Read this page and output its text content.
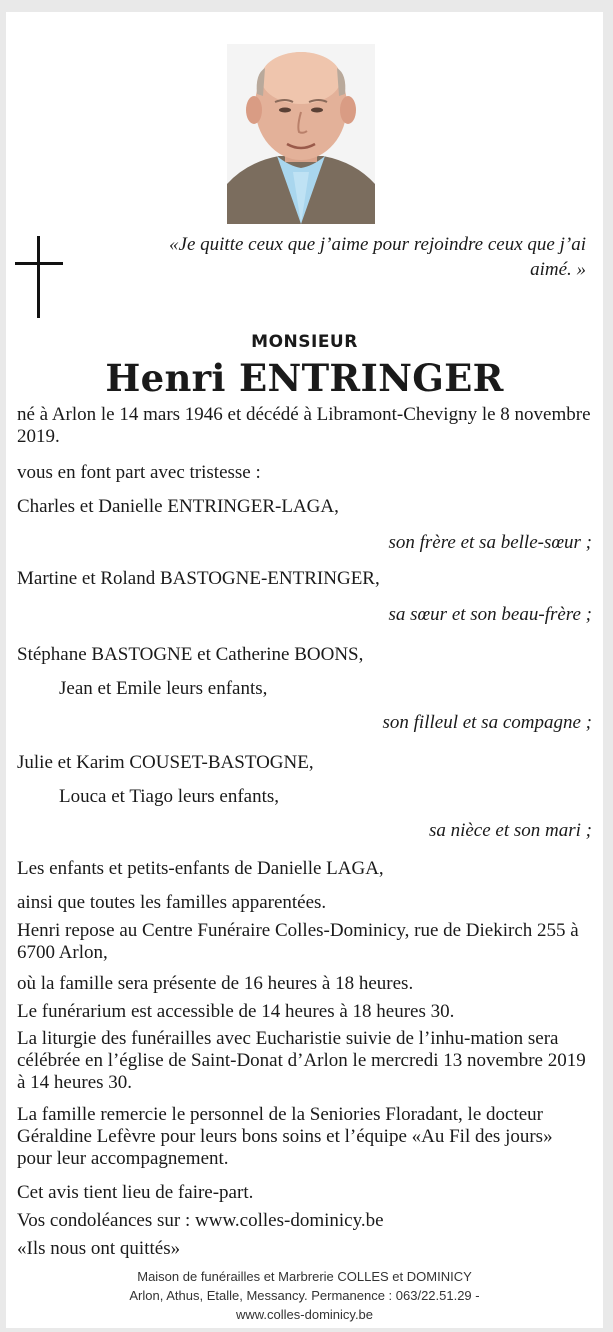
«Je quitte ceux que j’aime pour rejoindre ceux que j’ai aimé. »
MONSIEUR
Henri ENTRINGER
né à Arlon le 14 mars 1946 et décédé à Libramont-Chevigny le 8 novembre 2019.
vous en font part avec tristesse :
Charles et Danielle ENTRINGER-LAGA,
son frère et sa belle-sœur ;
Martine et Roland BASTOGNE-ENTRINGER,
sa sœur et son beau-frère ;
Stéphane BASTOGNE et Catherine BOONS,
Jean et Emile leurs enfants,
son filleul et sa compagne ;
Julie et Karim COUSET-BASTOGNE,
Louca et Tiago leurs enfants,
sa nièce et son mari ;
Les enfants et petits-enfants de Danielle LAGA,
ainsi que toutes les familles apparentées.
Henri repose au Centre Funéraire Colles-Dominicy, rue de Diekirch 255 à 6700 Arlon,
où la famille sera présente de 16 heures à 18 heures.
Le funérarium est accessible de 14 heures à 18 heures 30.
La liturgie des funérailles avec Eucharistie suivie de l’inhu-mation sera célébrée en l’église de Saint-Donat d’Arlon le mercredi 13 novembre 2019 à 14 heures 30.
La famille remercie le personnel de la Seniories Floradant, le docteur Géraldine Lefèvre pour leurs bons soins et l’équipe «Au Fil des jours» pour leur accompagnement.
Cet avis tient lieu de faire-part.
Vos condoléances sur : www.colles-dominicy.be
«Ils nous ont quittés»
Maison de funérailles et Marbrerie COLLES et DOMINICY
Arlon, Athus, Etalle, Messancy. Permanence : 063/22.51.29 -
www.colles-dominicy.be
